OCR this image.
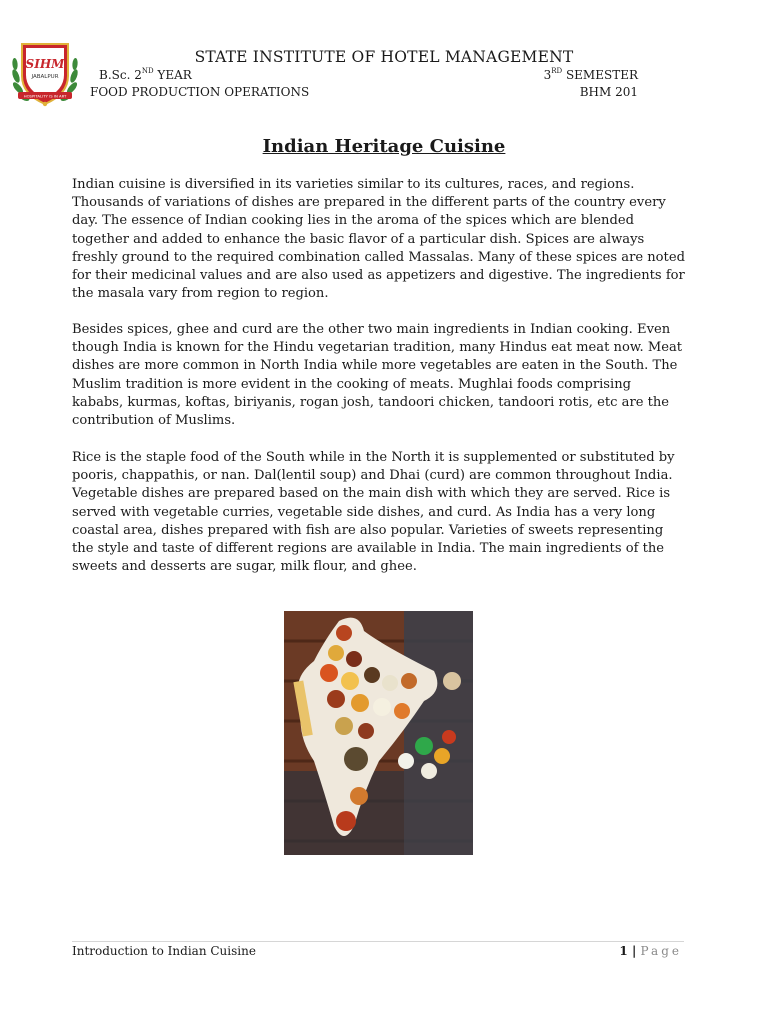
SIHM
JABALPUR
HOSPITALITY IS IN ART
STATE INSTITUTE OF HOTEL MANAGEMENT
B.Sc. 2ND YEAR	3RD SEMESTER
FOOD PRODUCTION OPERATIONS	BHM 201
Indian Heritage Cuisine

Indian cuisine is diversified in its varieties similar to its cultures, races, and regions. Thousands of variations of dishes are prepared in the different parts of the country every day. The essence of Indian cooking lies in the aroma of the spices which are blended together and added to enhance the basic flavor of a particular dish. Spices are always freshly ground to the required combination called Massalas. Many of these spices are noted for their medicinal values and are also used as appetizers and digestive. The ingredients for the masala vary from region to region.

Besides spices, ghee and curd are the other two main ingredients in Indian cooking. Even though India is known for the Hindu vegetarian tradition, many Hindus eat meat now. Meat dishes are more common in North India while more vegetables are eaten in the South. The Muslim tradition is more evident in the cooking of meats. Mughlai foods comprising kababs, kurmas, koftas, biriyanis, rogan josh, tandoori chicken, tandoori rotis, etc are the contribution of Muslims.

Rice is the staple food of the South while in the North it is supplemented or substituted by pooris, chappathis, or nan. Dal(lentil soup) and Dhai (curd) are common throughout India. Vegetable dishes are prepared based on the main dish with which they are served. Rice is served with vegetable curries, vegetable side dishes, and curd. As India has a very long coastal area, dishes prepared with fish are also popular. Varieties of sweets representing the style and taste of different regions are available in India. The main ingredients of the sweets and desserts are sugar, milk flour, and ghee.

Introduction to Indian Cuisine	1 | Page
